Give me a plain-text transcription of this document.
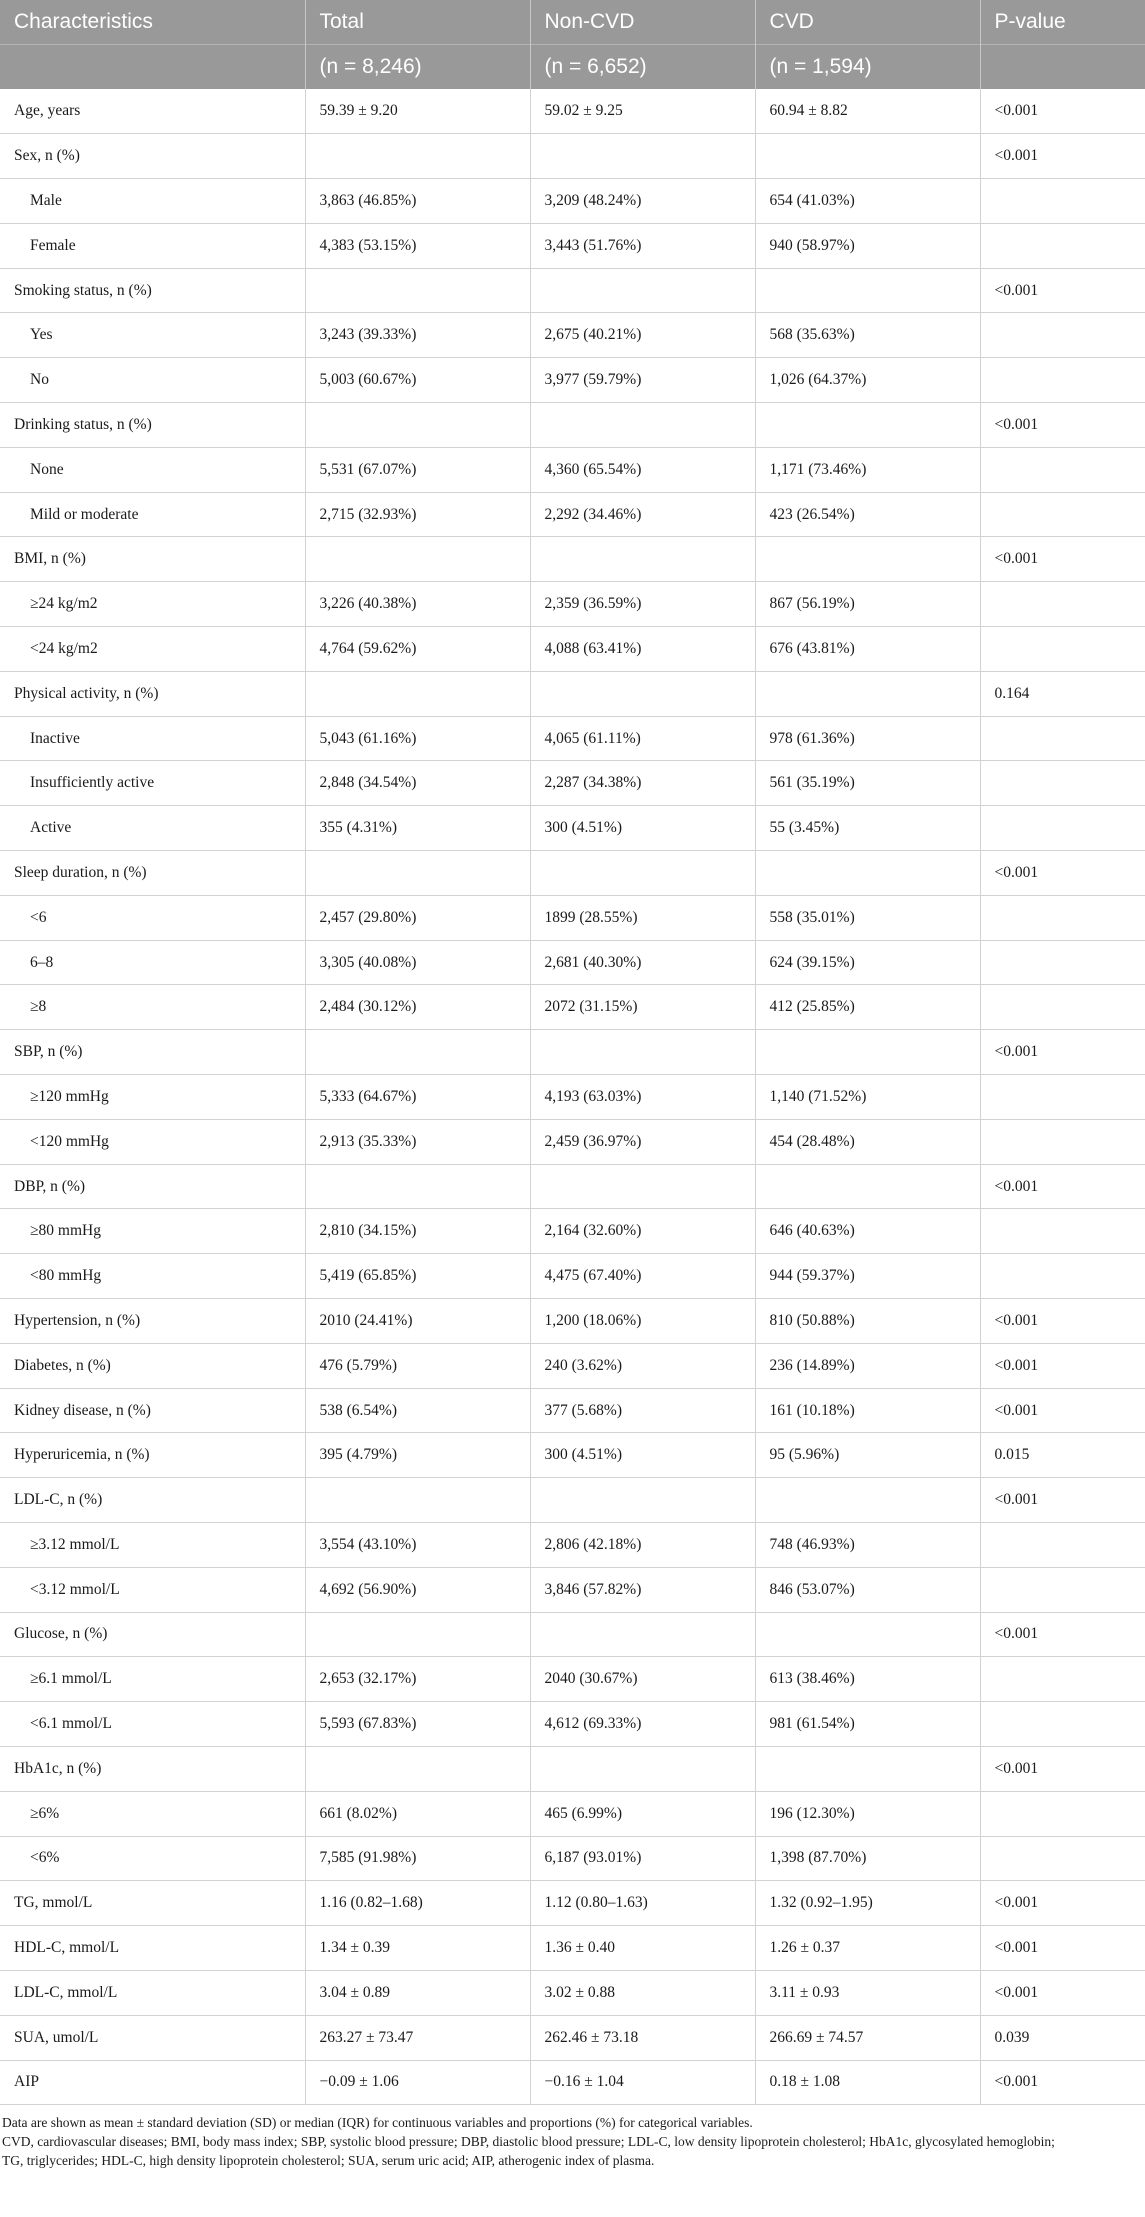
Characteristics	Total	Non-CVD	CVD	P-value
	(n = 8,246)	(n = 6,652)	(n = 1,594)	
Age, years	59.39 ± 9.20	59.02 ± 9.25	60.94 ± 8.82	<0.001
Sex, n (%)				<0.001
Male	3,863 (46.85%)	3,209 (48.24%)	654 (41.03%)	
Female	4,383 (53.15%)	3,443 (51.76%)	940 (58.97%)	
Smoking status, n (%)				<0.001
Yes	3,243 (39.33%)	2,675 (40.21%)	568 (35.63%)	
No	5,003 (60.67%)	3,977 (59.79%)	1,026 (64.37%)	
Drinking status, n (%)				<0.001
None	5,531 (67.07%)	4,360 (65.54%)	1,171 (73.46%)	
Mild or moderate	2,715 (32.93%)	2,292 (34.46%)	423 (26.54%)	
BMI, n (%)				<0.001
≥24 kg/m2	3,226 (40.38%)	2,359 (36.59%)	867 (56.19%)	
<24 kg/m2	4,764 (59.62%)	4,088 (63.41%)	676 (43.81%)	
Physical activity, n (%)				0.164
Inactive	5,043 (61.16%)	4,065 (61.11%)	978 (61.36%)	
Insufficiently active	2,848 (34.54%)	2,287 (34.38%)	561 (35.19%)	
Active	355 (4.31%)	300 (4.51%)	55 (3.45%)	
Sleep duration, n (%)				<0.001
<6	2,457 (29.80%)	1899 (28.55%)	558 (35.01%)	
6–8	3,305 (40.08%)	2,681 (40.30%)	624 (39.15%)	
≥8	2,484 (30.12%)	2072 (31.15%)	412 (25.85%)	
SBP, n (%)				<0.001
≥120 mmHg	5,333 (64.67%)	4,193 (63.03%)	1,140 (71.52%)	
<120 mmHg	2,913 (35.33%)	2,459 (36.97%)	454 (28.48%)	
DBP, n (%)				<0.001
≥80 mmHg	2,810 (34.15%)	2,164 (32.60%)	646 (40.63%)	
<80 mmHg	5,419 (65.85%)	4,475 (67.40%)	944 (59.37%)	
Hypertension, n (%)	2010 (24.41%)	1,200 (18.06%)	810 (50.88%)	<0.001
Diabetes, n (%)	476 (5.79%)	240 (3.62%)	236 (14.89%)	<0.001
Kidney disease, n (%)	538 (6.54%)	377 (5.68%)	161 (10.18%)	<0.001
Hyperuricemia, n (%)	395 (4.79%)	300 (4.51%)	95 (5.96%)	0.015
LDL-C, n (%)				<0.001
≥3.12 mmol/L	3,554 (43.10%)	2,806 (42.18%)	748 (46.93%)	
<3.12 mmol/L	4,692 (56.90%)	3,846 (57.82%)	846 (53.07%)	
Glucose, n (%)				<0.001
≥6.1 mmol/L	2,653 (32.17%)	2040 (30.67%)	613 (38.46%)	
<6.1 mmol/L	5,593 (67.83%)	4,612 (69.33%)	981 (61.54%)	
HbA1c, n (%)				<0.001
≥6%	661 (8.02%)	465 (6.99%)	196 (12.30%)	
<6%	7,585 (91.98%)	6,187 (93.01%)	1,398 (87.70%)	
TG, mmol/L	1.16 (0.82–1.68)	1.12 (0.80–1.63)	1.32 (0.92–1.95)	<0.001
HDL-C, mmol/L	1.34 ± 0.39	1.36 ± 0.40	1.26 ± 0.37	<0.001
LDL-C, mmol/L	3.04 ± 0.89	3.02 ± 0.88	3.11 ± 0.93	<0.001
SUA, umol/L	263.27 ± 73.47	262.46 ± 73.18	266.69 ± 74.57	0.039
AIP	−0.09 ± 1.06	−0.16 ± 1.04	0.18 ± 1.08	<0.001

Data are shown as mean ± standard deviation (SD) or median (IQR) for continuous variables and proportions (%) for categorical variables.

CVD, cardiovascular diseases; BMI, body mass index; SBP, systolic blood pressure; DBP, diastolic blood pressure; LDL-C, low density lipoprotein cholesterol; HbA1c, glycosylated hemoglobin;

TG, triglycerides; HDL-C, high density lipoprotein cholesterol; SUA, serum uric acid; AIP, atherogenic index of plasma.
